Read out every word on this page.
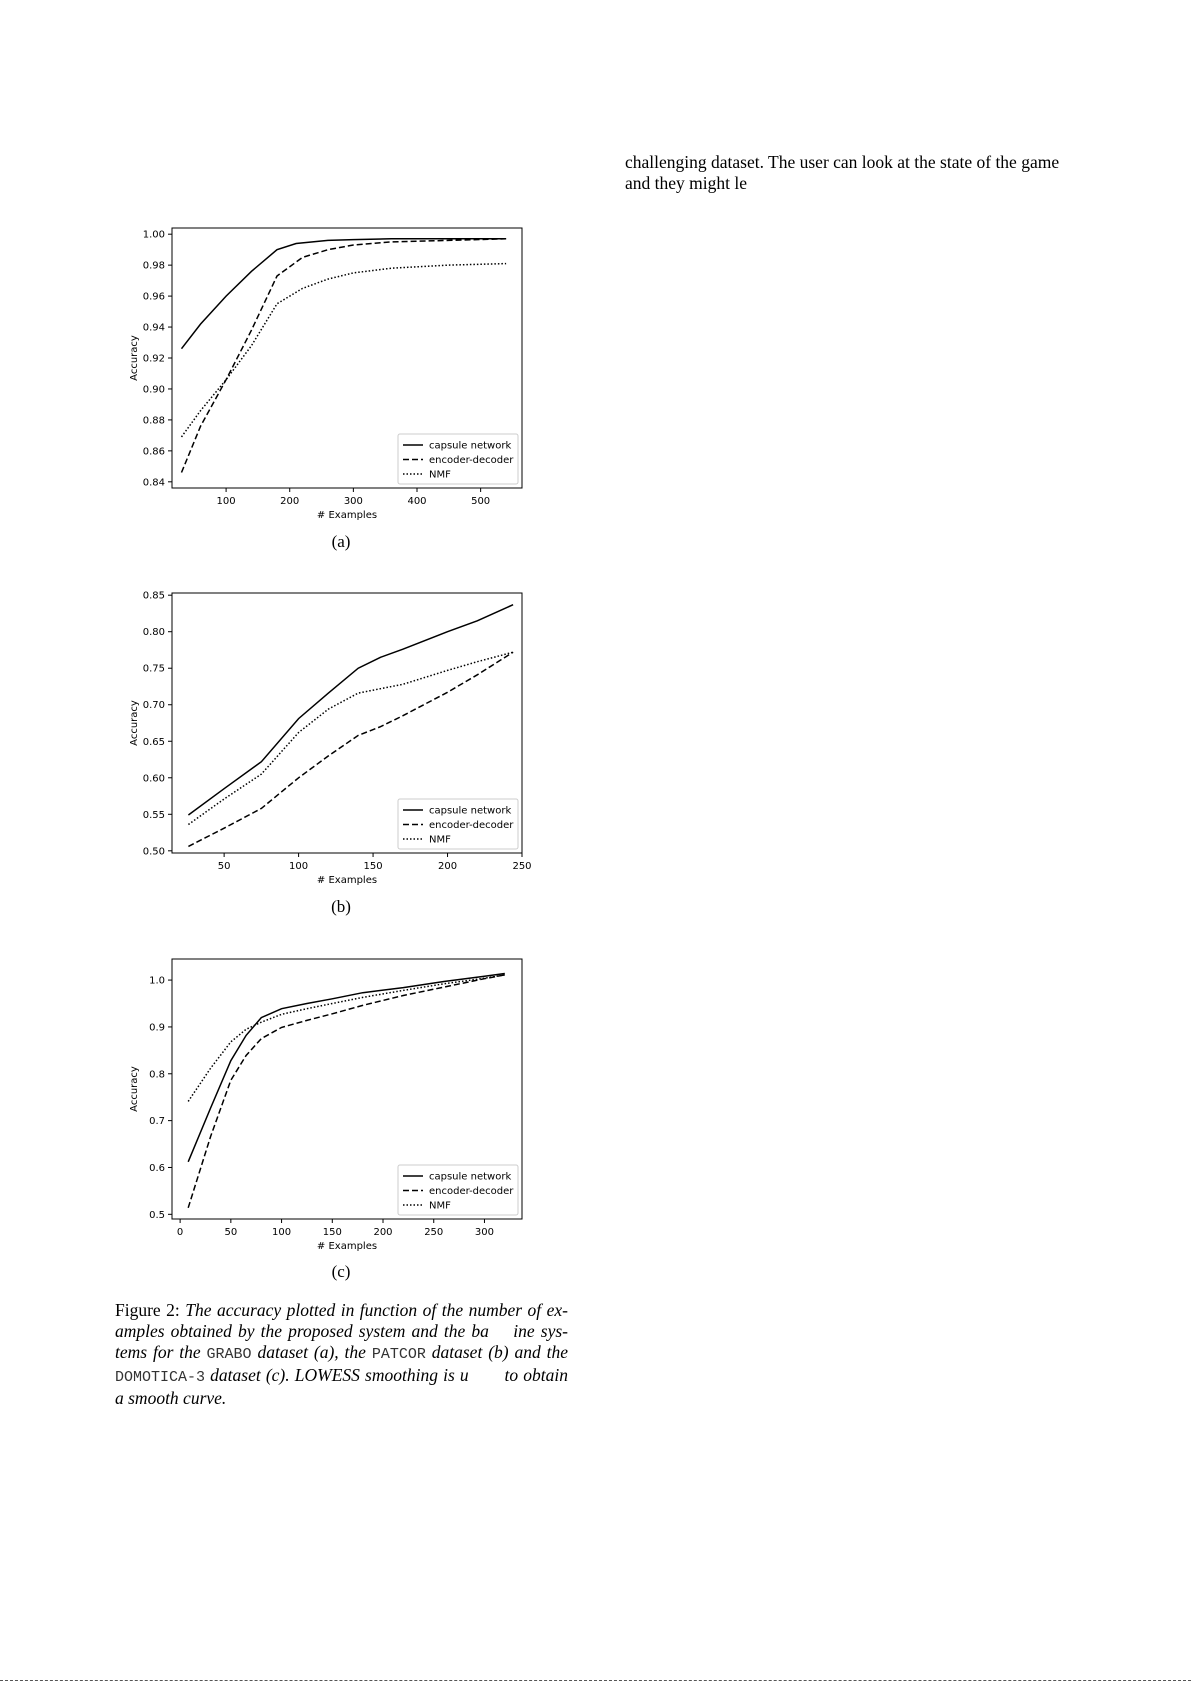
challenging dataset. The user can look at the state of the game

and they might le

100	200	300	400	500
0.84
0.86
0.88
0.90
0.92
0.94
0.96
0.98
1.00
# Examples
Accuracy
capsule network
encoder-decoder
NMF
(a)
50	100	150	200	250
0.50
0.55
0.60
0.65
0.70
0.75
0.80
0.85
# Examples
Accuracy
capsule network
encoder-decoder
NMF
(b)
0	50	100	150	200	250	300
0.5
0.6
0.7
0.8
0.9
1.0
# Examples
Accuracy
capsule network
encoder-decoder
NMF
(c)
Figure 2: The accuracy plotted in function of the number of ex-amples obtained by the proposed system and the ba ine sys-tems for the GRABO dataset (a), the PATCOR dataset (b) and the DOMOTICA-3 dataset (c). LOWESS smoothing is u to obtain a smooth curve.
